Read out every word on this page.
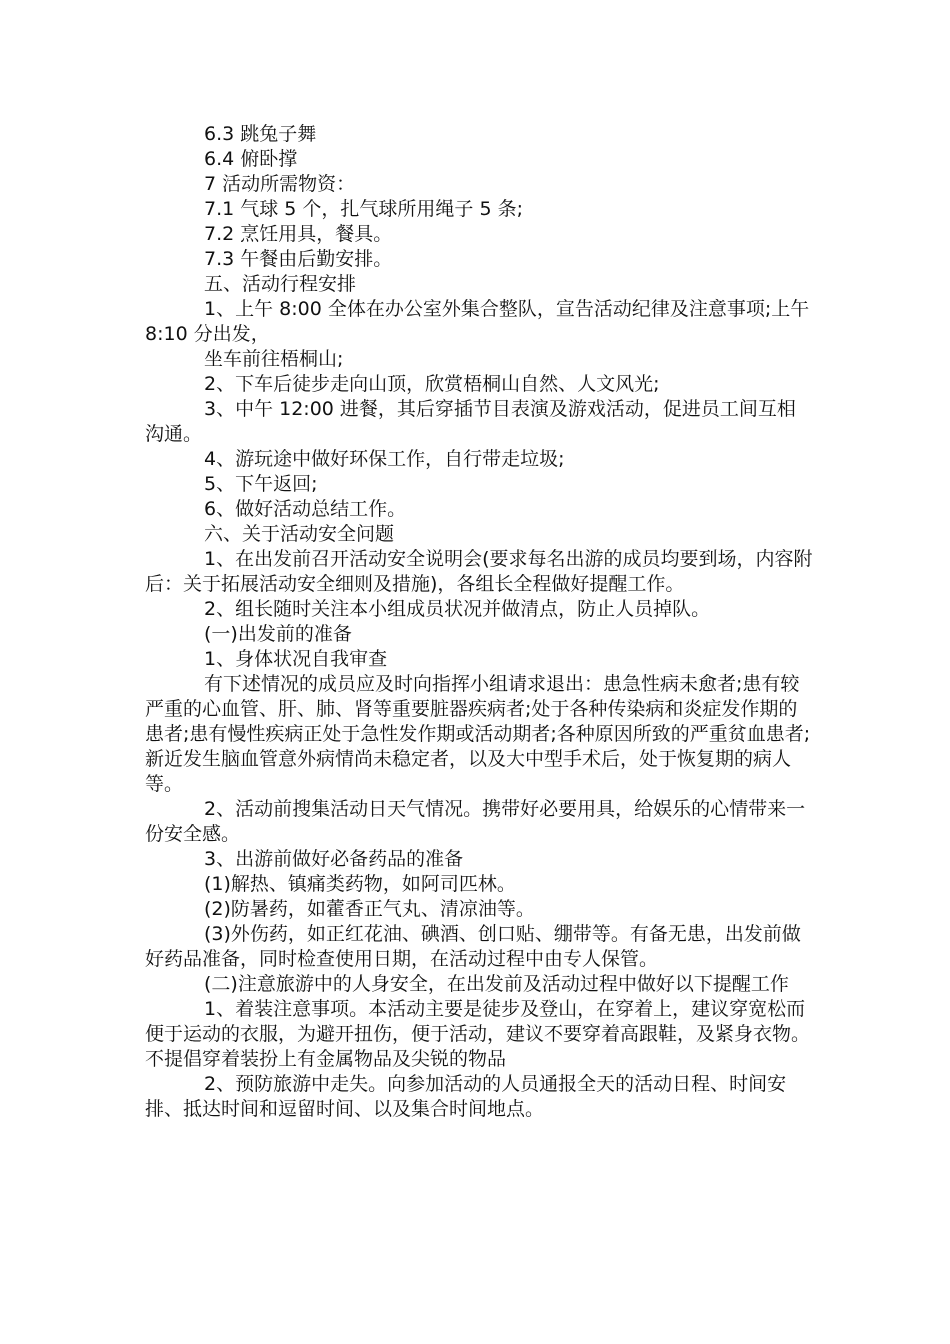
6.3 跳兔子舞

6.4 俯卧撑

7 活动所需物资：

7.1 气球 5 个，扎气球所用绳子 5 条;

7.2 烹饪用具，餐具。

7.3 午餐由后勤安排。

五、活动行程安排

1、上午 8:00 全体在办公室外集合整队，宣告活动纪律及注意事项;上午 8:10 分出发，

坐车前往梧桐山;

2、下车后徒步走向山顶，欣赏梧桐山自然、人文风光;

3、中午 12:00 进餐，其后穿插节目表演及游戏活动，促进员工间互相沟通。

4、游玩途中做好环保工作，自行带走垃圾;

5、下午返回;

6、做好活动总结工作。

六、关于活动安全问题

1、在出发前召开活动安全说明会(要求每名出游的成员均要到场，内容附后：关于拓展活动安全细则及措施)，各组长全程做好提醒工作。

2、组长随时关注本小组成员状况并做清点，防止人员掉队。

(一)出发前的准备

1、身体状况自我审查

有下述情况的成员应及时向指挥小组请求退出：患急性病未愈者;患有较严重的心血管、肝、肺、肾等重要脏器疾病者;处于各种传染病和炎症发作期的患者;患有慢性疾病正处于急性发作期或活动期者;各种原因所致的严重贫血患者;新近发生脑血管意外病情尚未稳定者，以及大中型手术后，处于恢复期的病人等。

2、活动前搜集活动日天气情况。携带好必要用具，给娱乐的心情带来一份安全感。

3、出游前做好必备药品的准备

(1)解热、镇痛类药物，如阿司匹林。

(2)防暑药，如藿香正气丸、清凉油等。

(3)外伤药，如正红花油、碘酒、创口贴、绷带等。有备无患，出发前做好药品准备，同时检查使用日期，在活动过程中由专人保管。

(二)注意旅游中的人身安全，在出发前及活动过程中做好以下提醒工作

1、着装注意事项。本活动主要是徒步及登山，在穿着上，建议穿宽松而便于运动的衣服，为避开扭伤，便于活动，建议不要穿着高跟鞋，及紧身衣物。不提倡穿着装扮上有金属物品及尖锐的物品

2、预防旅游中走失。向参加活动的人员通报全天的活动日程、时间安排、抵达时间和逗留时间、以及集合时间地点。
